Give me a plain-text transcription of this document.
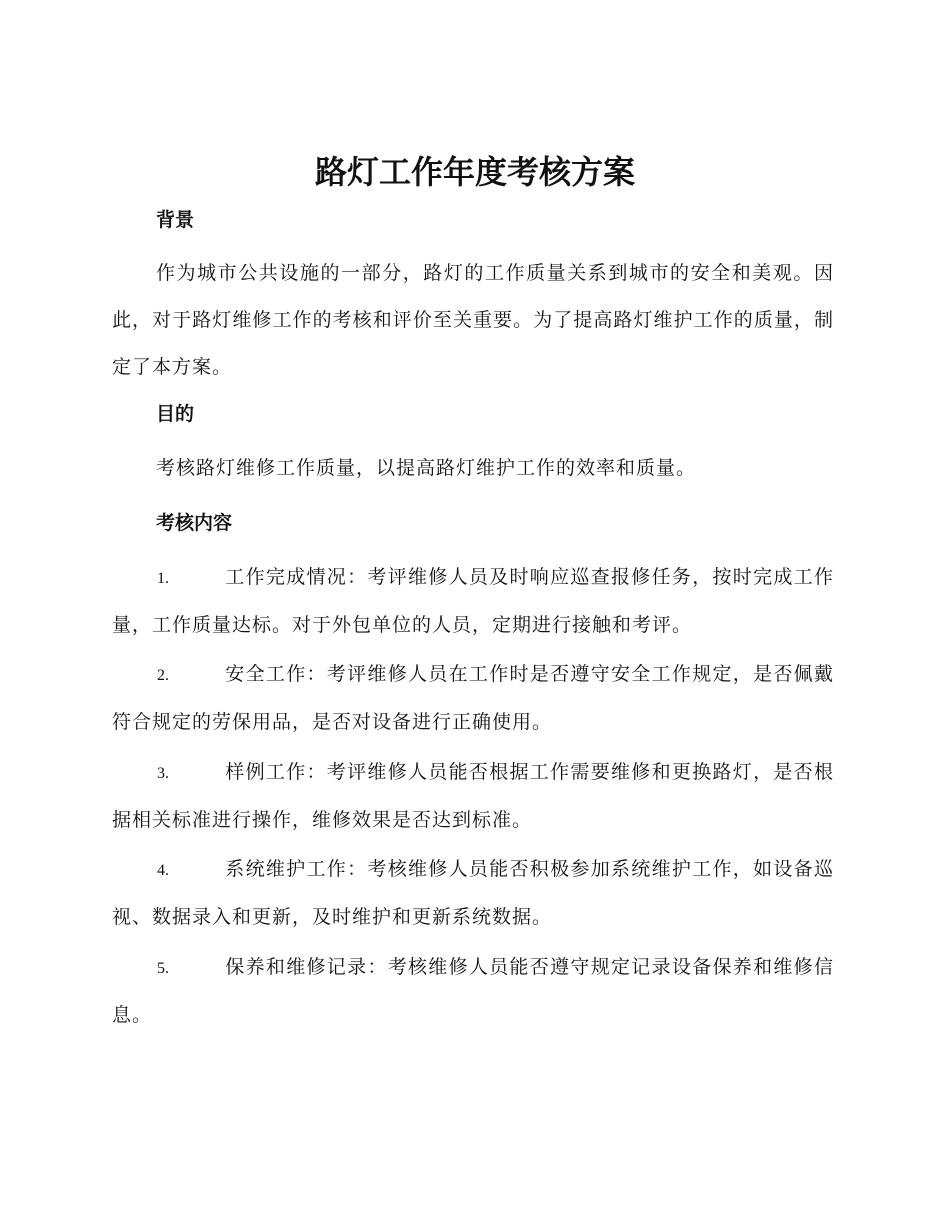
路灯工作年度考核方案
背景
作为城市公共设施的一部分，路灯的工作质量关系到城市的安全和美观。因此，对于路灯维修工作的考核和评价至关重要。为了提高路灯维护工作的质量，制定了本方案。
目的
考核路灯维修工作质量，以提高路灯维护工作的效率和质量。
考核内容
1.	工作完成情况：考评维修人员及时响应巡查报修任务，按时完成工作量，工作质量达标。对于外包单位的人员，定期进行接触和考评。
2.	安全工作：考评维修人员在工作时是否遵守安全工作规定，是否佩戴符合规定的劳保用品，是否对设备进行正确使用。
3.	样例工作：考评维修人员能否根据工作需要维修和更换路灯，是否根据相关标准进行操作，维修效果是否达到标准。
4.	系统维护工作：考核维修人员能否积极参加系统维护工作，如设备巡视、数据录入和更新，及时维护和更新系统数据。
5.	保养和维修记录：考核维修人员能否遵守规定记录设备保养和维修信息。
